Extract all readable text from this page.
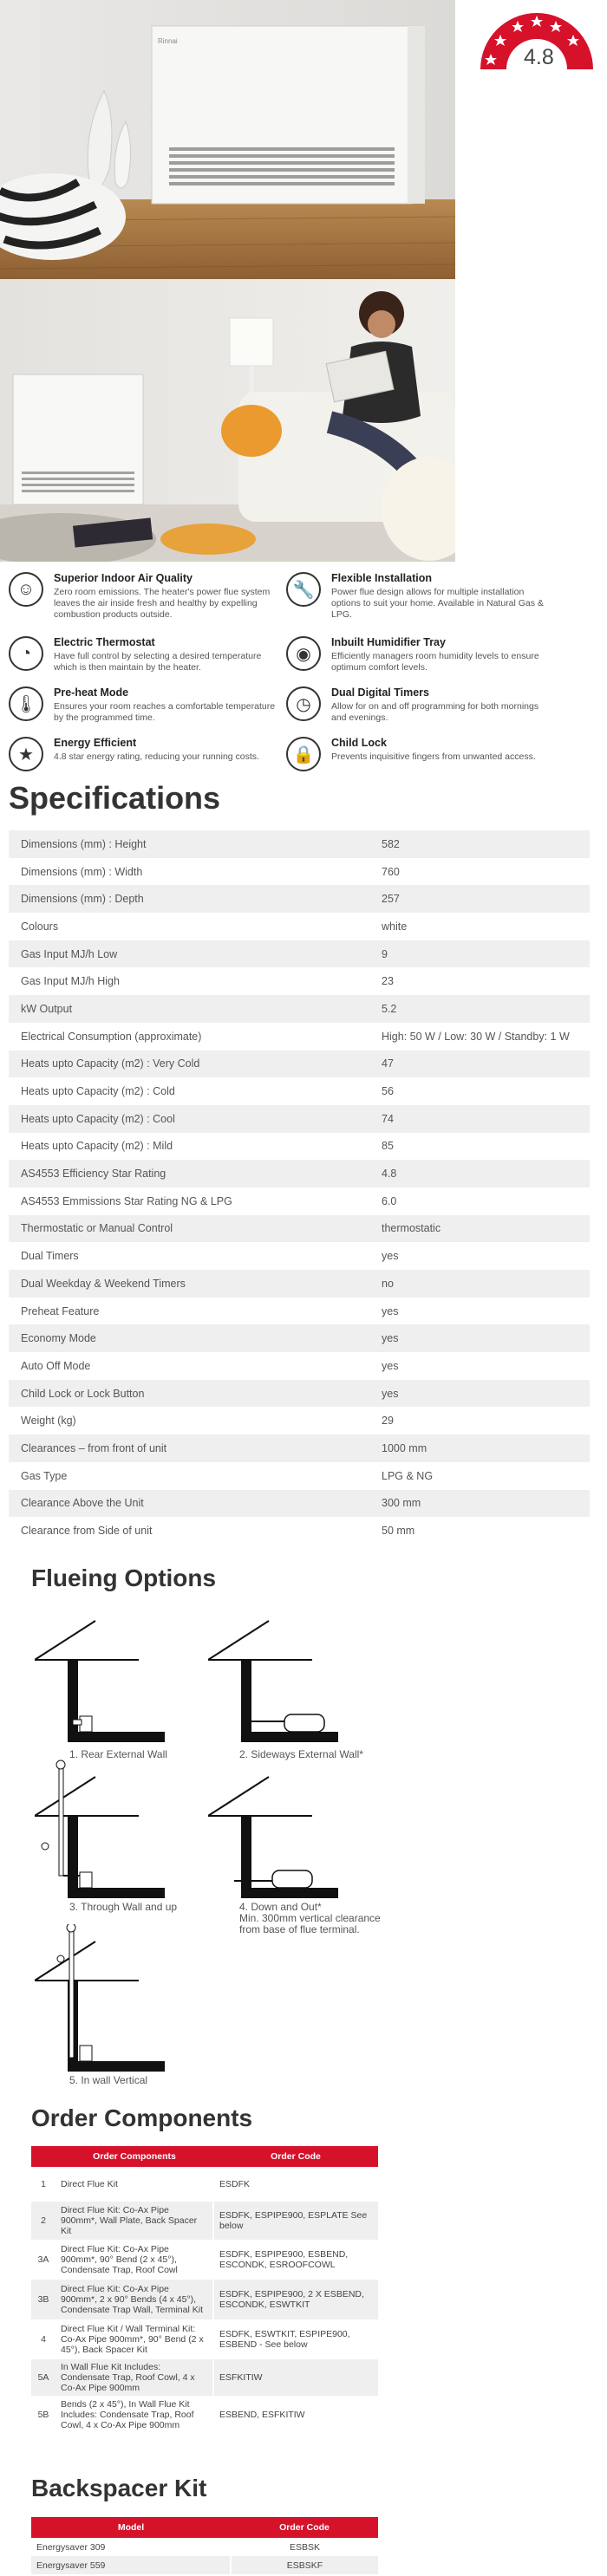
Rinnai
4.8
☺
Superior Indoor Air Quality
Zero room emissions. The heater's power flue system leaves the air inside fresh and healthy by expelling combustion products outside.
🔧
Flexible Installation
Power flue design allows for multiple installation options to suit your home. Available in Natural Gas & LPG.
◔
Electric Thermostat
Have full control by selecting a desired temperature which is then maintain by the heater.
◉
Inbuilt Humidifier Tray
Efficiently managers room humidity levels to ensure optimum comfort levels.
🌡
Pre-heat Mode
Ensures your room reaches a comfortable temperature by the programmed time.
◷
Dual Digital Timers
Allow for on and off programming for both mornings and evenings.
★
Energy Efficient
4.8 star energy rating, reducing your running costs.	🔒
Child Lock
Prevents inquisitive fingers from unwanted access.
Specifications
Dimensions (mm) : Height	582
Dimensions (mm) : Width	760
Dimensions (mm) : Depth	257
Colours	white
Gas Input MJ/h Low	9
Gas Input MJ/h High	23
kW Output	5.2
Electrical Consumption (approximate)	High: 50 W / Low: 30 W / Standby: 1 W
Heats upto Capacity (m2) : Very Cold	47
Heats upto Capacity (m2) : Cold	56
Heats upto Capacity (m2) : Cool	74
Heats upto Capacity (m2) : Mild	85
AS4553 Efficiency Star Rating	4.8
AS4553 Emmissions Star Rating NG & LPG	6.0
Thermostatic or Manual Control	thermostatic
Dual Timers	yes
Dual Weekday & Weekend Timers	no
Preheat Feature	yes
Economy Mode	yes
Auto Off Mode	yes
Child Lock or Lock Button	yes
Weight (kg)	29
Clearances – from front of unit	1000 mm
Gas Type	LPG & NG
Clearance Above the Unit	300 mm
Clearance from Side of unit	50 mm
Flueing Options
1. Rear External Wall	2. Sideways External Wall*
3. Through Wall and up	4. Down and Out*
Min. 300mm vertical clearance from base of flue terminal.
5. In wall Vertical
Order Components
	Order Components	Order Code
1	Direct Flue Kit	ESDFK
2	Direct Flue Kit: Co-Ax Pipe 900mm*, Wall Plate, Back Spacer Kit	ESDFK, ESPIPE900, ESPLATE See below
3A	Direct Flue Kit: Co-Ax Pipe 900mm*, 90° Bend (2 x 45°), Condensate Trap, Roof Cowl	ESDFK, ESPIPE900, ESBEND, ESCONDK, ESROOFCOWL
3B	Direct Flue Kit: Co-Ax Pipe 900mm*, 2 x 90° Bends (4 x 45°), Condensate Trap Wall, Terminal Kit	ESDFK, ESPIPE900, 2 X ESBEND, ESCONDK, ESWTKIT
4	Direct Flue Kit / Wall Terminal Kit: Co-Ax Pipe 900mm*, 90° Bend (2 x 45°), Back Spacer Kit	ESDFK, ESWTKIT, ESPIPE900, ESBEND - See below
5A	In Wall Flue Kit Includes: Condensate Trap, Roof Cowl, 4 x Co-Ax Pipe 900mm	ESFKITIW
5B	Bends (2 x 45°), In Wall Flue Kit Includes: Condensate Trap, Roof Cowl, 4 x Co-Ax Pipe 900mm	ESBEND, ESFKITIW
Backspacer Kit
Model	Order Code
Energysaver 309	ESBSK
Energysaver 559	ESBSKF
